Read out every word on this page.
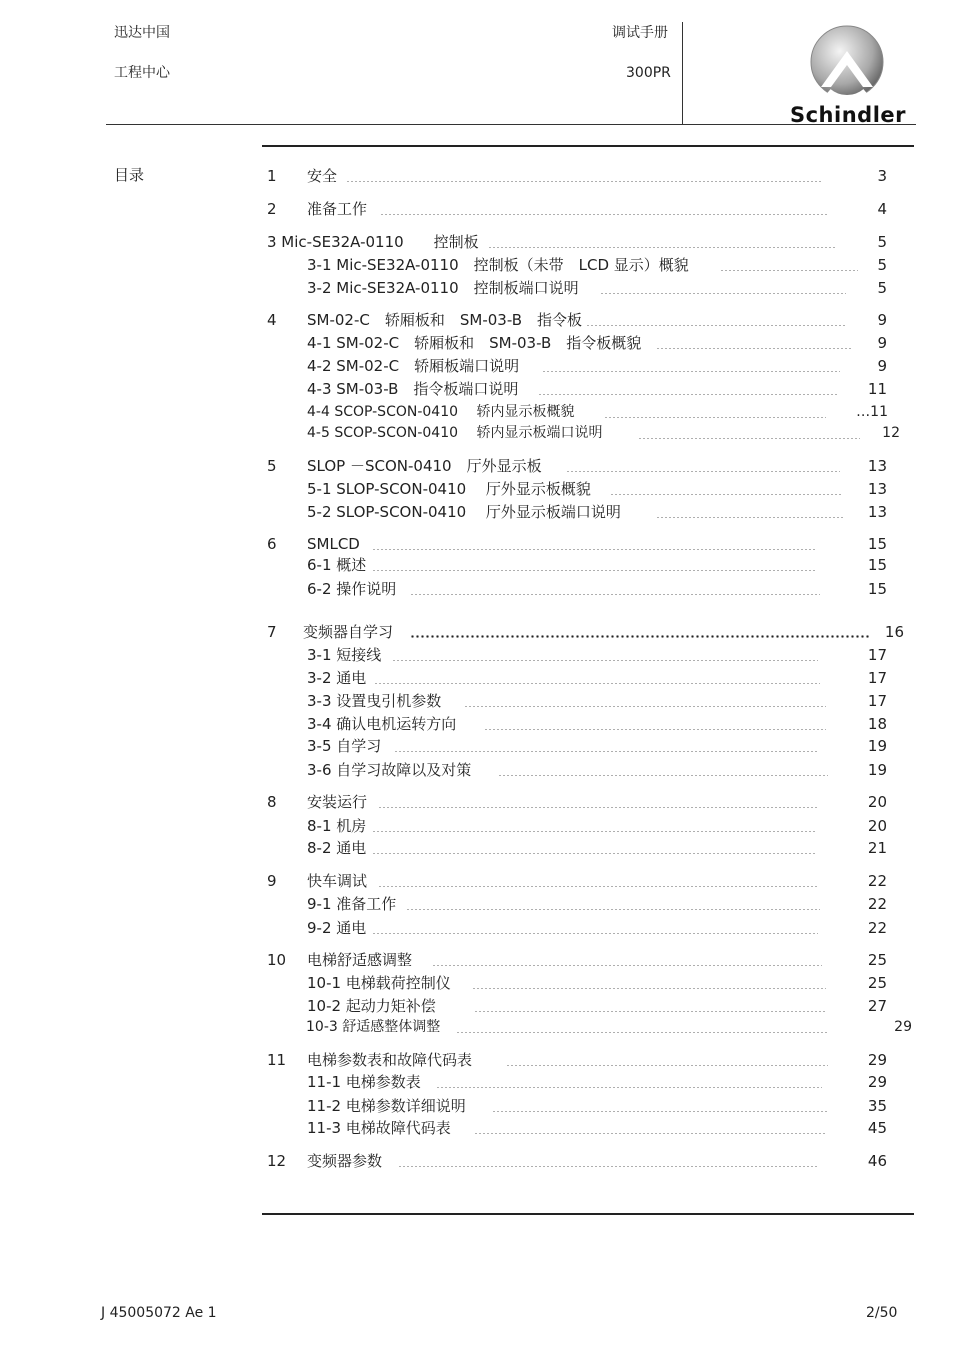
迅达中国
工程中心
调试手册
300PR
Schindler
目录	1 安全	3
2 准备工作	4
3 Mic-SE32A-0110　　控制板	5
3-1 Mic-SE32A-0110　控制板（未带　LCD 显示）概貌	5
3-2 Mic-SE32A-0110　控制板端口说明	5
4 SM-02-C　轿厢板和　SM-03-B　指令板	9
4-1 SM-02-C　轿厢板和　SM-03-B　指令板概貌	9
4-2 SM-02-C　轿厢板端口说明	9
4-3 SM-03-B　指令板端口说明	11
4-4 SCOP-SCON-0410　 轿内显示板概貌	…11
4-5 SCOP-SCON-0410　 轿内显示板端口说明	12
5 SLOP －SCON-0410　厅外显示板	13
5-1 SLOP-SCON-0410　 厅外显示板概貌	13
5-2 SLOP-SCON-0410　 厅外显示板端口说明	13
6 SMLCD	15
6-1 概述	15
6-2 操作说明	15
7 变频器自学习	16
3-1 短接线	17
3-2 通电	17
3-3 设置曳引机参数	17
3-4 确认电机运转方向	18
3-5 自学习	19
3-6 自学习故障以及对策	19
8 安装运行	20
8-1 机房	20
8-2 通电	21
9 快车调试	22
9-1 准备工作	22
9-2 通电	22
10 电梯舒适感调整	25
10-1 电梯载荷控制仪	25
10-2 起动力矩补偿	27
10-3 舒适感整体调整	29
11 电梯参数表和故障代码表	29
11-1 电梯参数表	29
11-2 电梯参数详细说明	35
11-3 电梯故障代码表	45
12 变频器参数	46
J 45005072 Ae 1	2/50
